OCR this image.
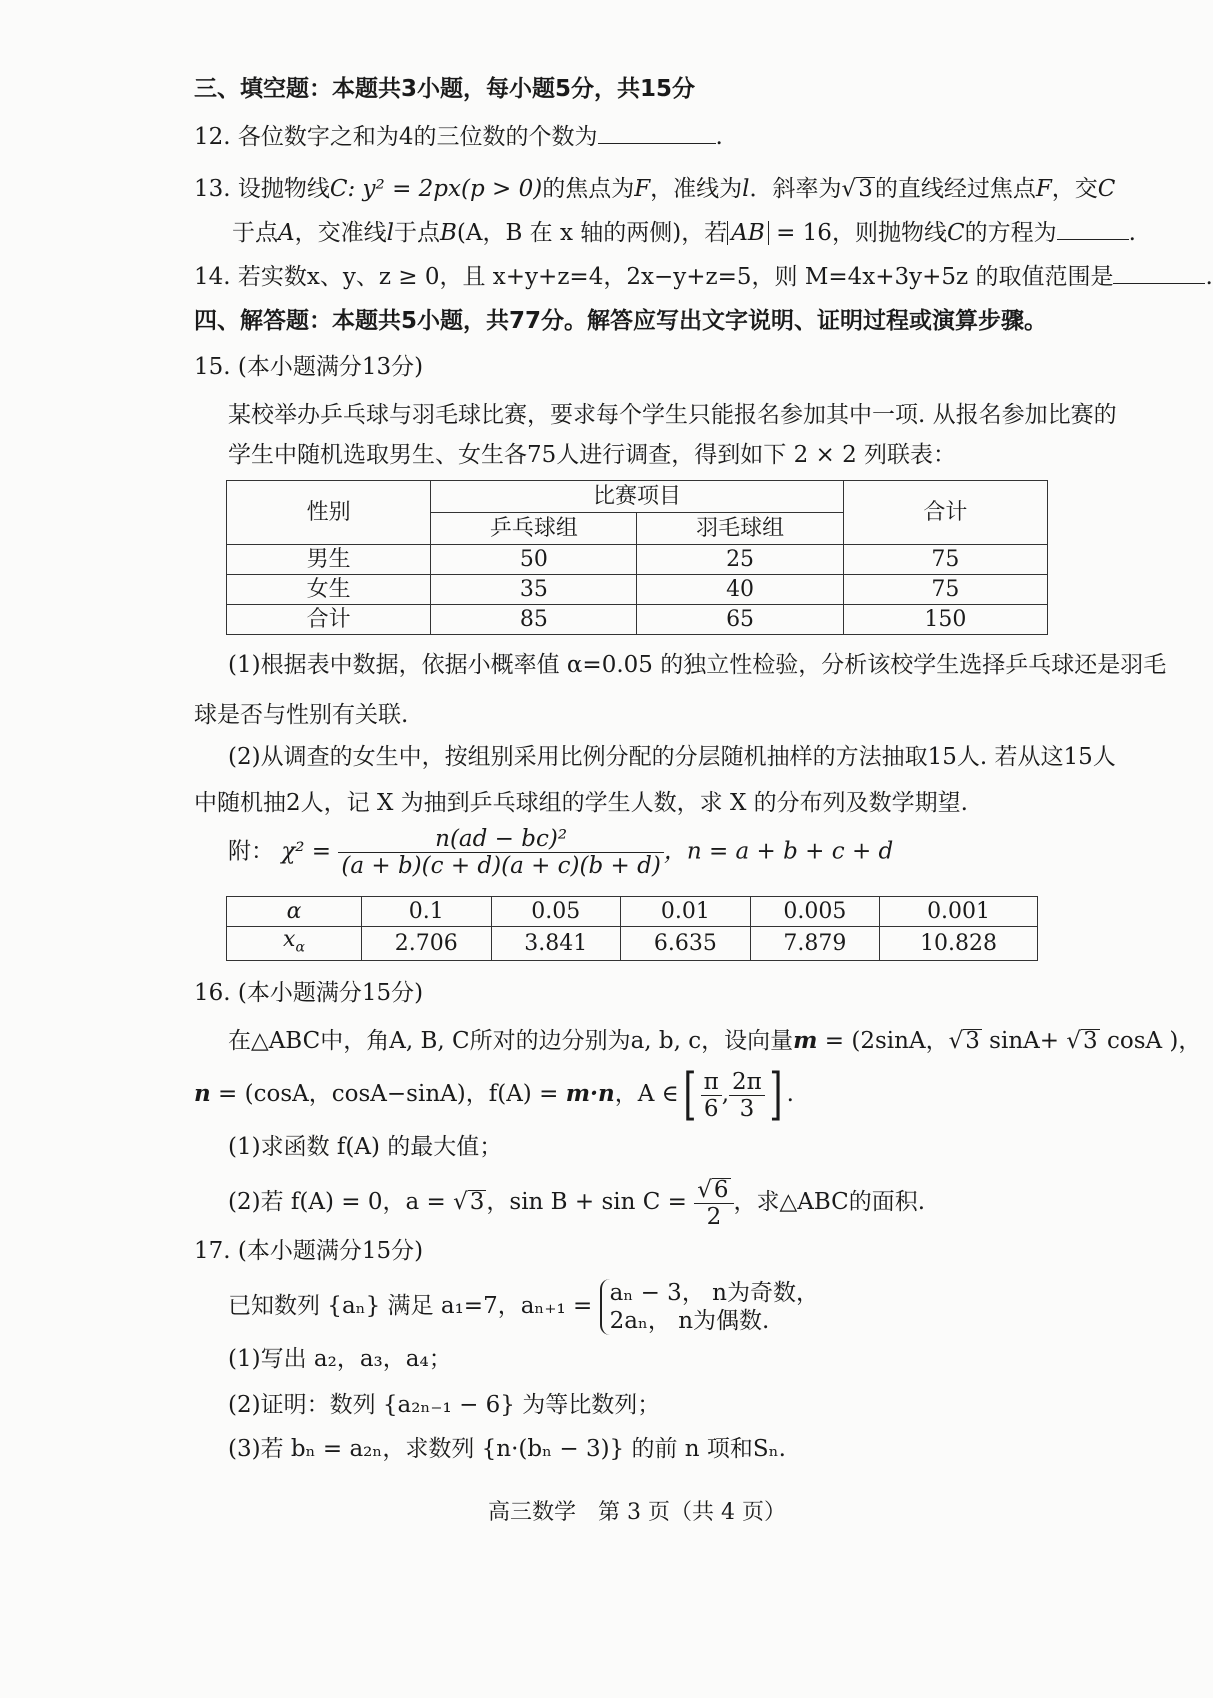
三、填空题：本题共3小题，每小题5分，共15分
12. 各位数字之和为4的三位数的个数为	.
13. 设抛物线C: y² = 2px(p > 0)的焦点为F，准线为l．斜率为√3的直线经过焦点F，交C
于点A，交准线l于点B(A，B 在 x 轴的两侧)，若 AB = 16，则抛物线C的方程为	.
14. 若实数x、y、z ≥ 0，且 x+y+z=4，2x−y+z=5，则 M=4x+3y+5z 的取值范围是	.
四、解答题：本题共5小题，共77分。解答应写出文字说明、证明过程或演算步骤。
15. (本小题满分13分)
某校举办乒乓球与羽毛球比赛，要求每个学生只能报名参加其中一项. 从报名参加比赛的
学生中随机选取男生、女生各75人进行调查，得到如下 2 × 2 列联表：
性别	比赛项目		合计
	乒乓球组	羽毛球组	
男生	50	25	75
女生	35	40	75
合计	85	65	150
(1)根据表中数据，依据小概率值 α=0.05 的独立性检验，分析该校学生选择乒乓球还是羽毛
球是否与性别有关联.
(2)从调查的女生中，按组别采用比例分配的分层随机抽样的方法抽取15人. 若从这15人
中随机抽2人，记 X 为抽到乒乓球组的学生人数，求 X 的分布列及数学期望.
附： $\chi^2 = \frac{\text{n(ad − bc)²}}{(a + b)(c + d)(a + c)(b + d)}$ ，n = a + b + c + d
α	0.1	0.05	0.01	0.005	0.001
$x_\alpha$	2.706	3.841	6.635	7.879	10.828
16. (本小题满分15分)
在△ABC中，角A, B, C所对的边分别为a, b, c，设向量m = (2sinA，√3 sinA+ √3 cosA )，
n = (cosA，cosA−sinA)，f(A) = m·n，A ∈[ $\frac{\pi}{6}$ , $\frac{2\pi}{3}$ ] .
(1)求函数 f(A) 的最大值；
(2)若 f(A) = 0，a = √3，$\sin B + \sin C = \frac{√6}{2}$ ，求△ABC的面积.
17. (本小题满分15分)
已知数列 {aₙ} 满足 a₁=7，aₙ₊₁ = aₙ − 3， n为奇数，
2aₙ， n为偶数.
(1)写出 a₂，a₃，a₄；
(2)证明：数列 {a₂ₙ₋₁ − 6} 为等比数列；
(3)若 bₙ = a₂ₙ，求数列 {n·(bₙ − 3)} 的前 n 项和Sₙ.
高三数学　第 3 页（共 4 页）
